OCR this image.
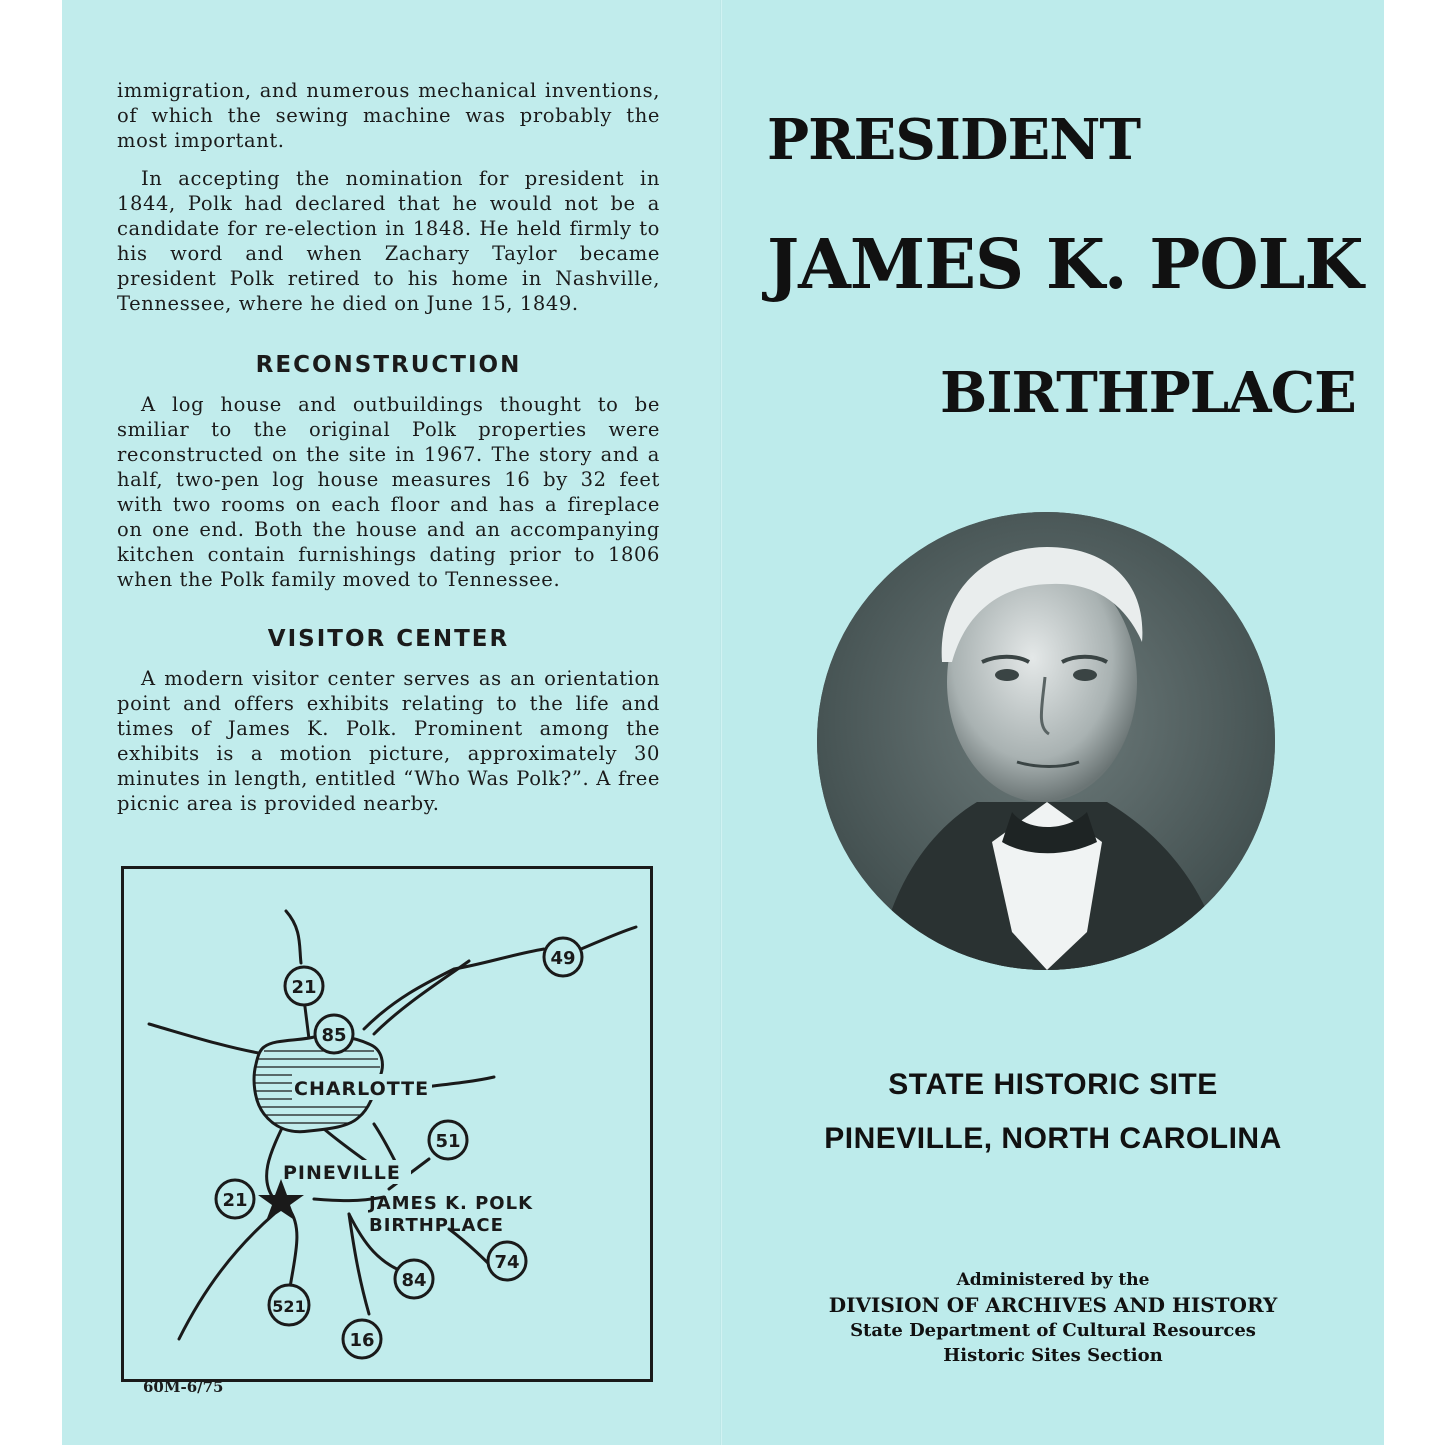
immigration, and numerous mechanical inventions, of which the sewing machine was probably the most important.

In accepting the nomination for president in 1844, Polk had declared that he would not be a candidate for re-election in 1848. He held firmly to his word and when Zachary Taylor became president Polk retired to his home in Nashville, Tennessee, where he died on June 15, 1849.

RECONSTRUCTION

A log house and outbuildings thought to be smiliar to the original Polk properties were reconstructed on the site in 1967. The story and a half, two-pen log house measures 16 by 32 feet with two rooms on each floor and has a fireplace on one end. Both the house and an accompanying kitchen contain furnishings dating prior to 1806 when the Polk family moved to Tennessee.

VISITOR CENTER

A modern visitor center serves as an orientation point and offers exhibits relating to the life and times of James K. Polk. Prominent among the exhibits is a motion picture, approximately 30 minutes in length, entitled “Who Was Polk?”. A free picnic area is provided nearby.

CHARLOTTE
PINEVILLE
JAMES K. POLK
BIRTHPLACE
21
85
49
51
21
74
84
521
16
60M-6/75
PRESIDENT
JAMES K. POLK
BIRTHPLACE
STATE HISTORIC SITE
PINEVILLE, NORTH CAROLINA

Administered by the

DIVISION OF ARCHIVES AND HISTORY

State Department of Cultural Resources

Historic Sites Section
